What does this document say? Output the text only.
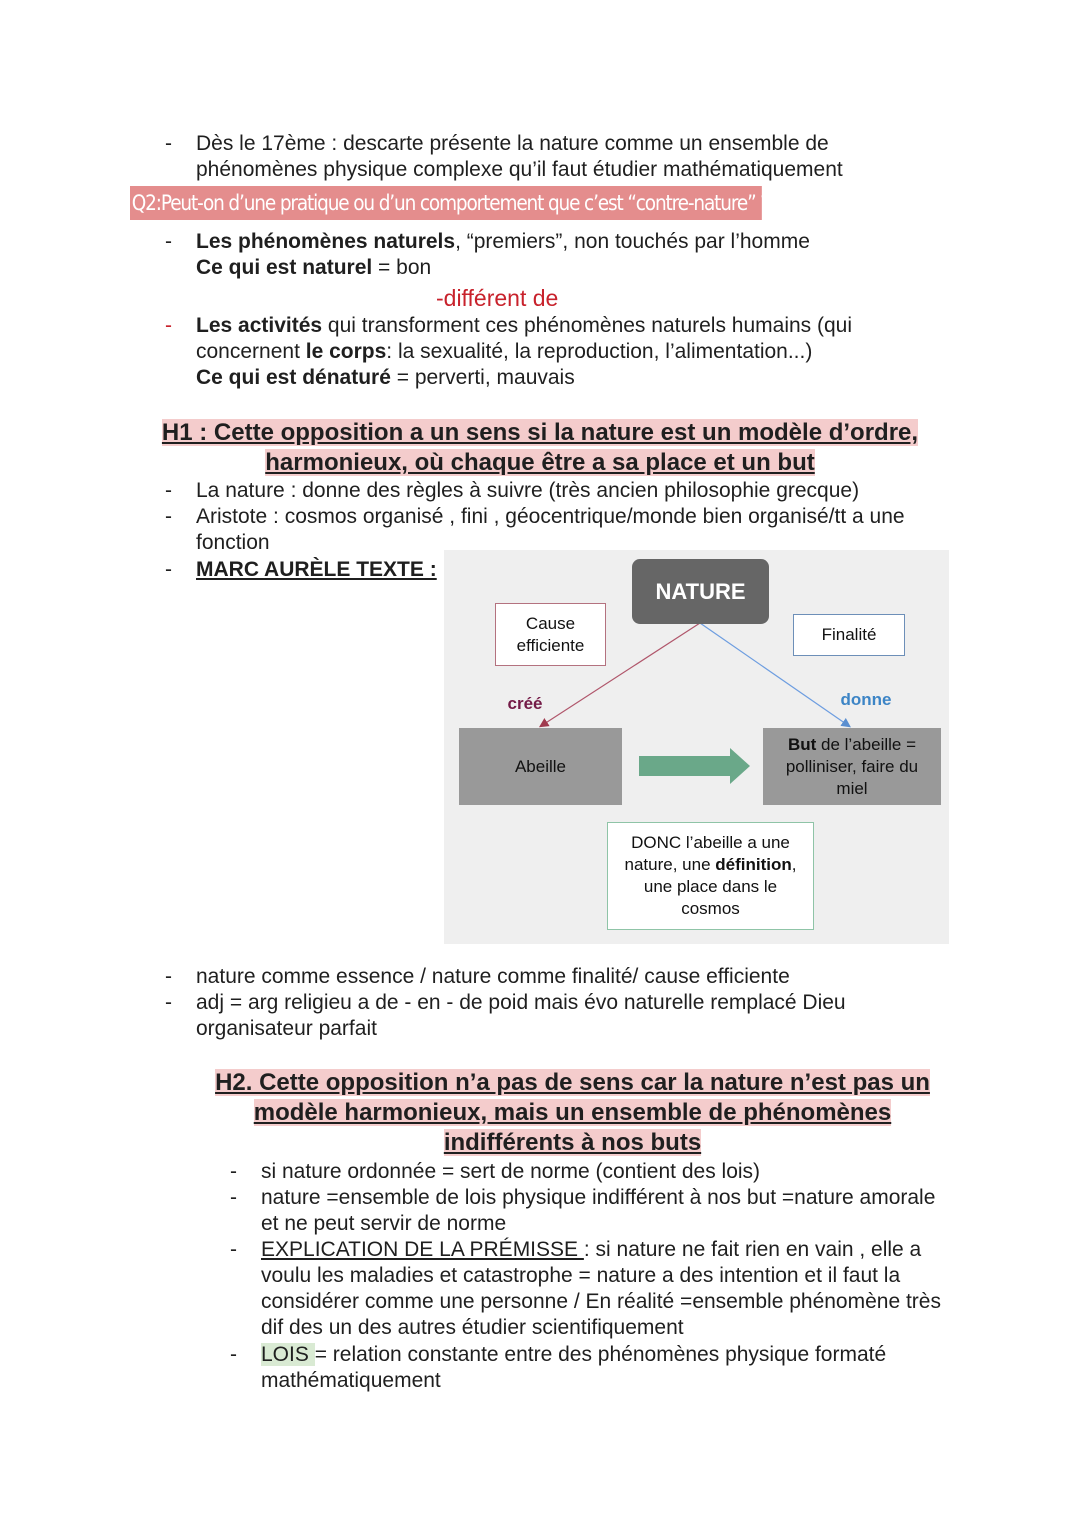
-	Dès le 17ème : descarte présente la nature comme un ensemble de
phénomènes physique complexe qu’il faut étudier mathématiquement
Q2:Peut-on d’une pratique ou d’un comportement que c’est “contre-nature” ?
-	Les phénomènes naturels, “premiers”, non touchés par l’homme
Ce qui est naturel = bon
-différent de
-	Les activités qui transforment ces phénomènes naturels humains (qui
concernent le corps: la sexualité, la reproduction, l’alimentation...)
Ce qui est dénaturé = perverti, mauvais
H1 : Cette opposition a un sens si la nature est un modèle d’ordre,
harmonieux, où chaque être a sa place et un but
-	La nature : donne des règles à suivre (très ancien philosophie grecque)
-	Aristote : cosmos organisé , fini , géocentrique/monde bien organisé/tt a une
fonction
-	MARC AURÈLE TEXTE :
NATURE
Cause
efficiente
Finalité
créé	donne
Abeille
But de l’abeille =
polliniser, faire du
miel
DONC l’abeille a une
nature, une définition,
une place dans le
cosmos
-	nature comme essence / nature comme finalité/ cause efficiente
-	adj = arg religieu a de - en - de poid mais évo naturelle remplacé Dieu
organisateur parfait
H2. Cette opposition n’a pas de sens car la nature n’est pas un
modèle harmonieux, mais un ensemble de phénomènes
indifférents à nos buts
-	si nature ordonnée = sert de norme (contient des lois)
-	nature =ensemble de lois physique indifférent à nos but =nature amorale
et ne peut servir de norme
-	EXPLICATION DE LA PRÉMISSE : si nature ne fait rien en vain , elle a
voulu les maladies et catastrophe = nature a des intention et il faut la
considérer comme une personne / En réalité =ensemble phénomène très
dif des un des autres étudier scientifiquement
-	LOIS = relation constante entre des phénomènes physique formaté
mathématiquement
